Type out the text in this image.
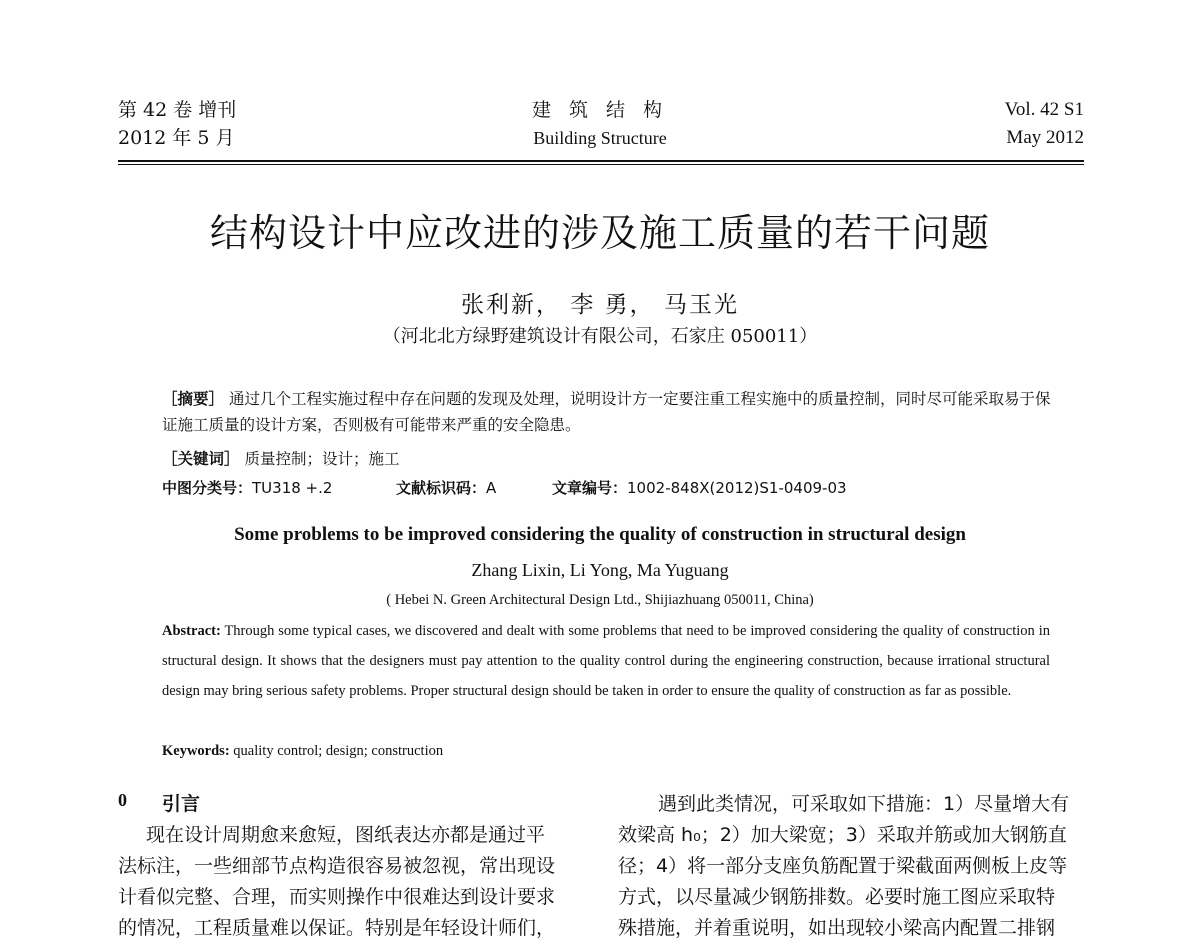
第 42 卷 增刊
2012 年 5 月
建 筑 结 构
Building Structure
Vol. 42 S1
May 2012
结构设计中应改进的涉及施工质量的若干问题
张利新， 李 勇， 马玉光
（河北北方绿野建筑设计有限公司，石家庄 050011）
［摘要］ 通过几个工程实施过程中存在问题的发现及处理，说明设计方一定要注重工程实施中的质量控制，同时尽可能采取易于保证施工质量的设计方案，否则极有可能带来严重的安全隐患。
［关键词］ 质量控制；设计；施工
中图分类号：TU318 +.2	文献标识码：A	文章编号：1002-848X(2012)S1-0409-03
Some problems to be improved considering the quality of construction in structural design
Zhang Lixin, Li Yong, Ma Yuguang
( Hebei N. Green Architectural Design Ltd., Shijiazhuang 050011, China)
Abstract: Through some typical cases, we discovered and dealt with some problems that need to be improved considering the quality of construction in structural design. It shows that the designers must pay attention to the quality control during the engineering construction, because irrational structural design may bring serious safety problems. Proper structural design should be taken in order to ensure the quality of construction as far as possible.
Keywords: quality control; design; construction
0 引言
现在设计周期愈来愈短，图纸表达亦都是通过平
法标注，一些细部节点构造很容易被忽视，常出现设
计看似完整、合理，而实则操作中很难达到设计要求
的情况，工程质量难以保证。特别是年轻设计师们，
遇到此类情况，可采取如下措施：1）尽量增大有
效梁高 h₀；2）加大梁宽；3）采取并筋或加大钢筋直
径；4）将一部分支座负筋配置于梁截面两侧板上皮等
方式，以尽量减少钢筋排数。必要时施工图应采取特
殊措施，并着重说明，如出现较小梁高内配置二排钢
